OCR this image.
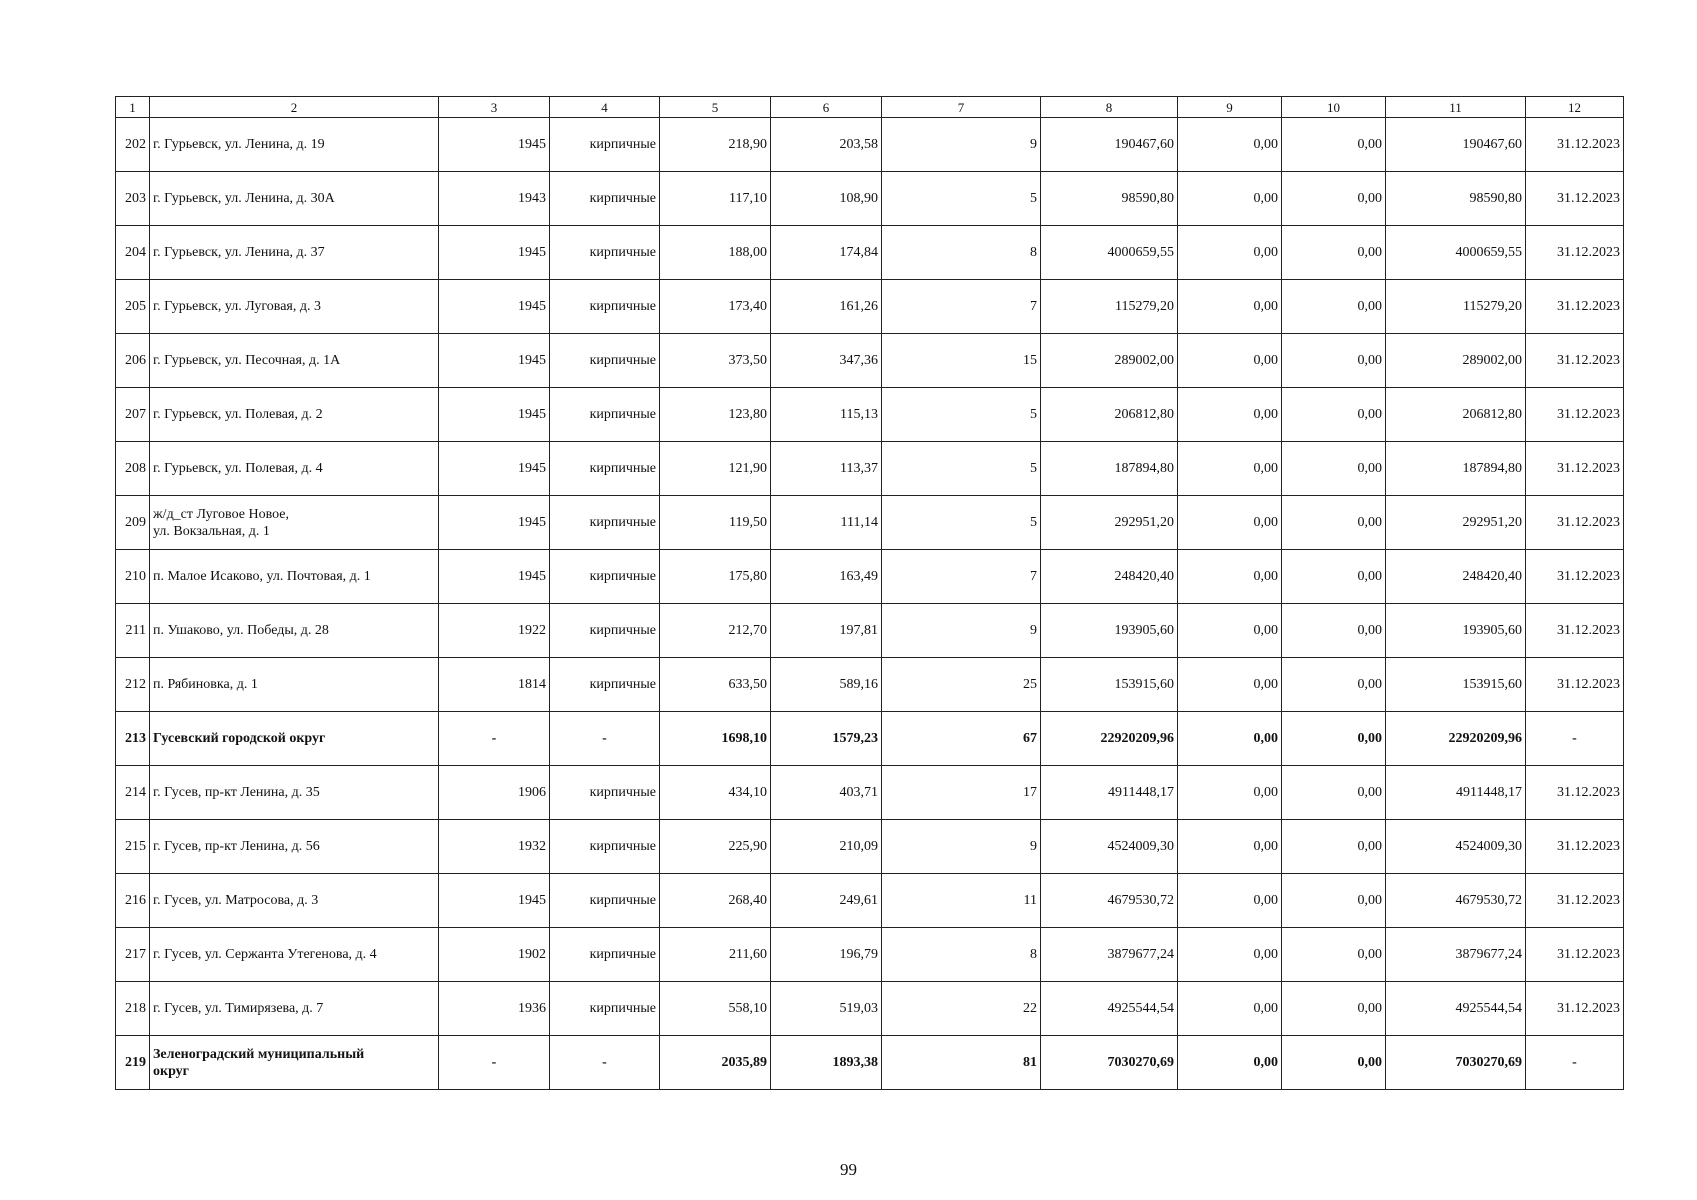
1	2	3	4	5	6	7	8	9	10	11	12
202	г. Гурьевск, ул. Ленина, д. 19	1945	кирпичные	218,90	203,58	9	190467,60	0,00	0,00	190467,60	31.12.2023
203	г. Гурьевск, ул. Ленина, д. 30А	1943	кирпичные	117,10	108,90	5	98590,80	0,00	0,00	98590,80	31.12.2023
204	г. Гурьевск, ул. Ленина, д. 37	1945	кирпичные	188,00	174,84	8	4000659,55	0,00	0,00	4000659,55	31.12.2023
205	г. Гурьевск, ул. Луговая, д. 3	1945	кирпичные	173,40	161,26	7	115279,20	0,00	0,00	115279,20	31.12.2023
206	г. Гурьевск, ул. Песочная, д. 1А	1945	кирпичные	373,50	347,36	15	289002,00	0,00	0,00	289002,00	31.12.2023
207	г. Гурьевск, ул. Полевая, д. 2	1945	кирпичные	123,80	115,13	5	206812,80	0,00	0,00	206812,80	31.12.2023
208	г. Гурьевск, ул. Полевая, д. 4	1945	кирпичные	121,90	113,37	5	187894,80	0,00	0,00	187894,80	31.12.2023
209	ж/д_ст Луговое Новое,
ул. Вокзальная, д. 1	1945	кирпичные	119,50	111,14	5	292951,20	0,00	0,00	292951,20	31.12.2023
210	п. Малое Исаково, ул. Почтовая, д. 1	1945	кирпичные	175,80	163,49	7	248420,40	0,00	0,00	248420,40	31.12.2023
211	п. Ушаково, ул. Победы, д. 28	1922	кирпичные	212,70	197,81	9	193905,60	0,00	0,00	193905,60	31.12.2023
212	п. Рябиновка, д. 1	1814	кирпичные	633,50	589,16	25	153915,60	0,00	0,00	153915,60	31.12.2023
213	Гусевский городской округ	-	-	1698,10	1579,23	67	22920209,96	0,00	0,00	22920209,96	-
214	г. Гусев, пр-кт Ленина, д. 35	1906	кирпичные	434,10	403,71	17	4911448,17	0,00	0,00	4911448,17	31.12.2023
215	г. Гусев, пр-кт Ленина, д. 56	1932	кирпичные	225,90	210,09	9	4524009,30	0,00	0,00	4524009,30	31.12.2023
216	г. Гусев, ул. Матросова, д. 3	1945	кирпичные	268,40	249,61	11	4679530,72	0,00	0,00	4679530,72	31.12.2023
217	г. Гусев, ул. Сержанта Утегенова, д. 4	1902	кирпичные	211,60	196,79	8	3879677,24	0,00	0,00	3879677,24	31.12.2023
218	г. Гусев, ул. Тимирязева, д. 7	1936	кирпичные	558,10	519,03	22	4925544,54	0,00	0,00	4925544,54	31.12.2023
219	Зеленоградский муниципальный
округ	-	-	2035,89	1893,38	81	7030270,69	0,00	0,00	7030270,69	-
99
